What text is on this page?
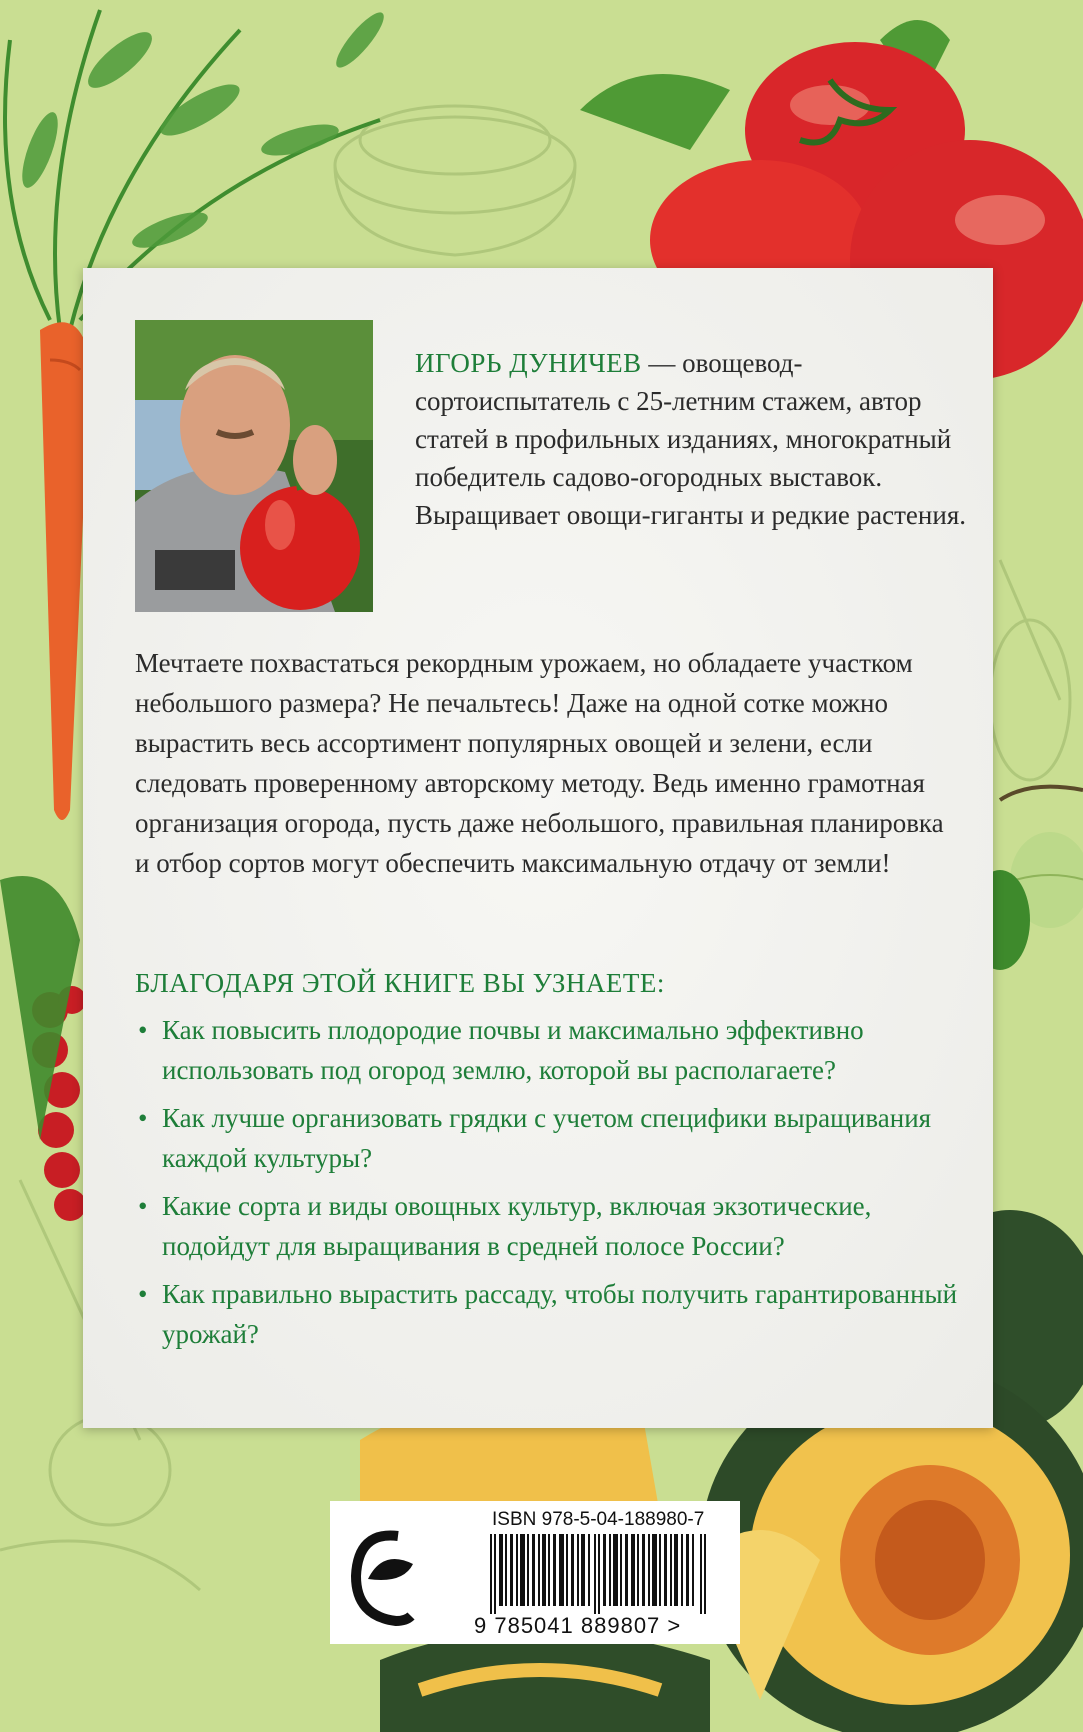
ИГОРЬ ДУНИЧЕВ — овощевод-сортоиспытатель с 25-летним стажем, автор статей в профильных изданиях, многократный победитель садово-огородных выставок. Выращивает овощи-гиганты и редкие растения.
Мечтаете похвастаться рекордным урожаем, но обладаете участком небольшого размера? Не печальтесь! Даже на одной сотке можно вырастить весь ассортимент популярных овощей и зелени, если следовать проверенному авторскому методу. Ведь именно грамотная организация огорода, пусть даже небольшого, правильная планировка и отбор сортов могут обеспечить максимальную отдачу от земли!
БЛАГОДАРЯ ЭТОЙ КНИГЕ ВЫ УЗНАЕТЕ:
• Как повысить плодородие почвы и максимально эффективно использовать под огород землю, которой вы располагаете?
• Как лучше организовать грядки с учетом специфики выращивания каждой культуры?
• Какие сорта и виды овощных культур, включая экзотические, подойдут для выращивания в средней полосе России?
• Как правильно вырастить рассаду, чтобы получить гарантированный урожай?
ISBN 978-5-04-188980-7
9 785041 889807 >
